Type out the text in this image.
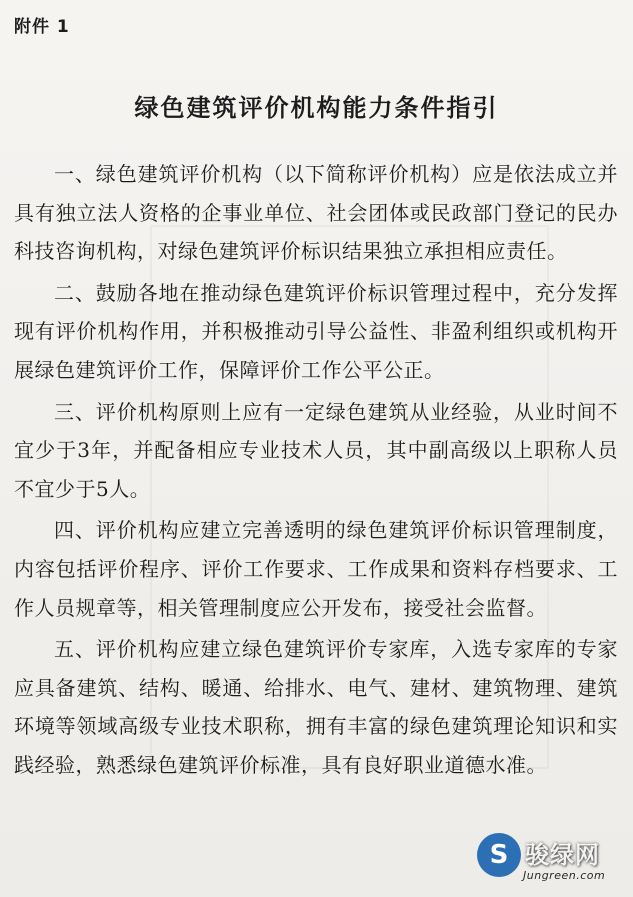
附件 1
绿色建筑评价机构能力条件指引

一、绿色建筑评价机构（以下简称评价机构）应是依法成立并具有独立法人资格的企事业单位、社会团体或民政部门登记的民办科技咨询机构，对绿色建筑评价标识结果独立承担相应责任。

二、鼓励各地在推动绿色建筑评价标识管理过程中，充分发挥现有评价机构作用，并积极推动引导公益性、非盈利组织或机构开展绿色建筑评价工作，保障评价工作公平公正。

三、评价机构原则上应有一定绿色建筑从业经验，从业时间不宜少于3年，并配备相应专业技术人员，其中副高级以上职称人员不宜少于5人。

四、评价机构应建立完善透明的绿色建筑评价标识管理制度，内容包括评价程序、评价工作要求、工作成果和资料存档要求、工作人员规章等，相关管理制度应公开发布，接受社会监督。

五、评价机构应建立绿色建筑评价专家库，入选专家库的专家应具备建筑、结构、暖通、给排水、电气、建材、建筑物理、建筑环境等领域高级专业技术职称，拥有丰富的绿色建筑理论知识和实践经验，熟悉绿色建筑评价标准，具有良好职业道德水准。

S 骏绿网
Jungreen.com
